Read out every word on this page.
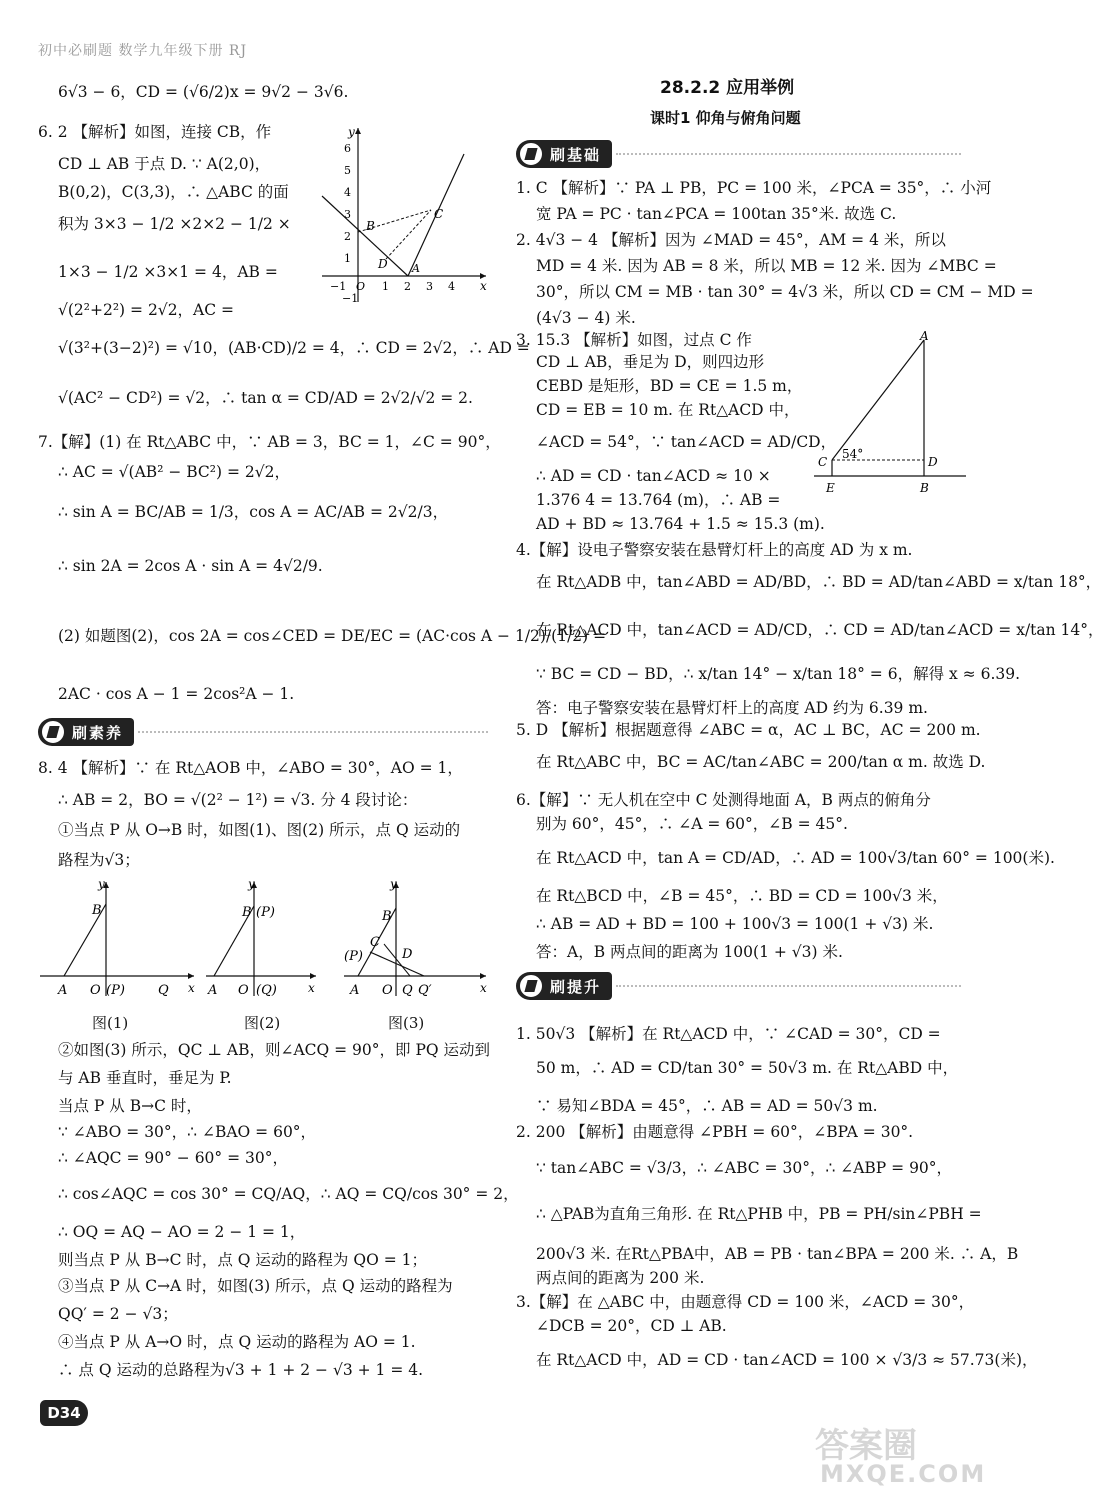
初中必刷题 数学九年级下册 RJ
6√3 − 6，CD = (√6/2)x = 9√2 − 3√6.
6. 2 【解析】如图，连接 CB，作
CD ⊥ AB 于点 D. ∵ A(2,0)，
B(0,2)，C(3,3)，∴ △ABC 的面
积为 3×3 − 1/2 ×2×2 − 1/2 ×
1×3 − 1/2 ×3×1 = 4，AB =
√(2²+2²) = 2√2，AC =
√(3²+(3−2)²) = √10，(AB·CD)/2 = 4，∴ CD = 2√2，∴ AD =
√(AC² − CD²) = √2，∴ tan α = CD/AD = 2√2/√2 = 2.
7.【解】(1) 在 Rt△ABC 中，∵ AB = 3，BC = 1，∠C = 90°，
∴ AC = √(AB² − BC²) = 2√2，
∴ sin A = BC/AB = 1/3，cos A = AC/AB = 2√2/3，
∴ sin 2A = 2cos A · sin A = 4√2/9.
(2) 如题图(2)，cos 2A = cos∠CED = DE/EC = (AC·cos A − 1/2)/(1/2) =
2AC · cos A − 1 = 2cos²A − 1.
x
y
6
5
4
3
2
1
−1
−1 O 1 2 3 4
B
C
D A
刷素养
8. 4 【解析】∵ 在 Rt△AOB 中，∠ABO = 30°，AO = 1，
∴ AB = 2，BO = √(2² − 1²) = √3. 分 4 段讨论：
①当点 P 从 O→B 时，如图(1)、图(2) 所示，点 Q 运动的
路程为√3；
y
x
B
A O (P)	Q
图(1)
y
x
B (P)
A O (Q)
图(2)
y
x
B
C
(P)	D
A O Q Q′
图(3)
②如图(3) 所示，QC ⊥ AB，则∠ACQ = 90°，即 PQ 运动到
与 AB 垂直时，垂足为 P.
当点 P 从 B→C 时，
∵ ∠ABO = 30°，∴ ∠BAO = 60°，
∴ ∠AQC = 90° − 60° = 30°，
∴ cos∠AQC = cos 30° = CQ/AQ，∴ AQ = CQ/cos 30° = 2，
∴ OQ = AQ − AO = 2 − 1 = 1，
则当点 P 从 B→C 时，点 Q 运动的路程为 QO = 1；
③当点 P 从 C→A 时，如图(3) 所示，点 Q 运动的路程为
QQ′ = 2 − √3；
④当点 P 从 A→O 时，点 Q 运动的路程为 AO = 1.
∴ 点 Q 运动的总路程为√3 + 1 + 2 − √3 + 1 = 4.
28.2.2 应用举例
课时1 仰角与俯角问题
刷基础
1. C 【解析】∵ PA ⊥ PB，PC = 100 米，∠PCA = 35°，∴ 小河
宽 PA = PC · tan∠PCA = 100tan 35°米. 故选 C.
2. 4√3 − 4 【解析】因为 ∠MAD = 45°，AM = 4 米，所以
MD = 4 米. 因为 AB = 8 米，所以 MB = 12 米. 因为 ∠MBC =
30°，所以 CM = MB · tan 30° = 4√3 米，所以 CD = CM − MD =
(4√3 − 4) 米.
3. 15.3 【解析】如图，过点 C 作
CD ⊥ AB，垂足为 D，则四边形
CEBD 是矩形，BD = CE = 1.5 m，
CD = EB = 10 m. 在 Rt△ACD 中，
∠ACD = 54°，∵ tan∠ACD = AD/CD，
∴ AD = CD · tan∠ACD ≈ 10 ×
1.376 4 = 13.764 (m)，∴ AB =
AD + BD ≈ 13.764 + 1.5 ≈ 15.3 (m).
A
C
54°
D
E	B
4.【解】设电子警察安装在悬臂灯杆上的高度 AD 为 x m.
在 Rt△ADB 中，tan∠ABD = AD/BD，∴ BD = AD/tan∠ABD = x/tan 18°，
在 Rt△ACD 中，tan∠ACD = AD/CD，∴ CD = AD/tan∠ACD = x/tan 14°，
∵ BC = CD − BD，∴ x/tan 14° − x/tan 18° = 6，解得 x ≈ 6.39.
答：电子警察安装在悬臂灯杆上的高度 AD 约为 6.39 m.
5. D 【解析】根据题意得 ∠ABC = α，AC ⊥ BC，AC = 200 m.
在 Rt△ABC 中，BC = AC/tan∠ABC = 200/tan α m. 故选 D.
6.【解】∵ 无人机在空中 C 处测得地面 A，B 两点的俯角分
别为 60°，45°，∴ ∠A = 60°，∠B = 45°.
在 Rt△ACD 中，tan A = CD/AD，∴ AD = 100√3/tan 60° = 100(米).
在 Rt△BCD 中，∠B = 45°，∴ BD = CD = 100√3 米，
∴ AB = AD + BD = 100 + 100√3 = 100(1 + √3) 米.
答：A，B 两点间的距离为 100(1 + √3) 米.
刷提升
1. 50√3 【解析】在 Rt△ACD 中，∵ ∠CAD = 30°，CD =
50 m，∴ AD = CD/tan 30° = 50√3 m. 在 Rt△ABD 中，
∵ 易知∠BDA = 45°，∴ AB = AD = 50√3 m.
2. 200 【解析】由题意得 ∠PBH = 60°，∠BPA = 30°.
∵ tan∠ABC = √3/3，∴ ∠ABC = 30°，∴ ∠ABP = 90°，
∴ △PAB为直角三角形. 在 Rt△PHB 中，PB = PH/sin∠PBH =
200√3 米. 在Rt△PBA中，AB = PB · tan∠BPA = 200 米. ∴ A，B
两点间的距离为 200 米.
3.【解】在 △ABC 中，由题意得 CD = 100 米，∠ACD = 30°，
∠DCB = 20°，CD ⊥ AB.
在 Rt△ACD 中，AD = CD · tan∠ACD = 100 × √3/3 ≈ 57.73(米)，
D34
答案圈
MXQE.COM
